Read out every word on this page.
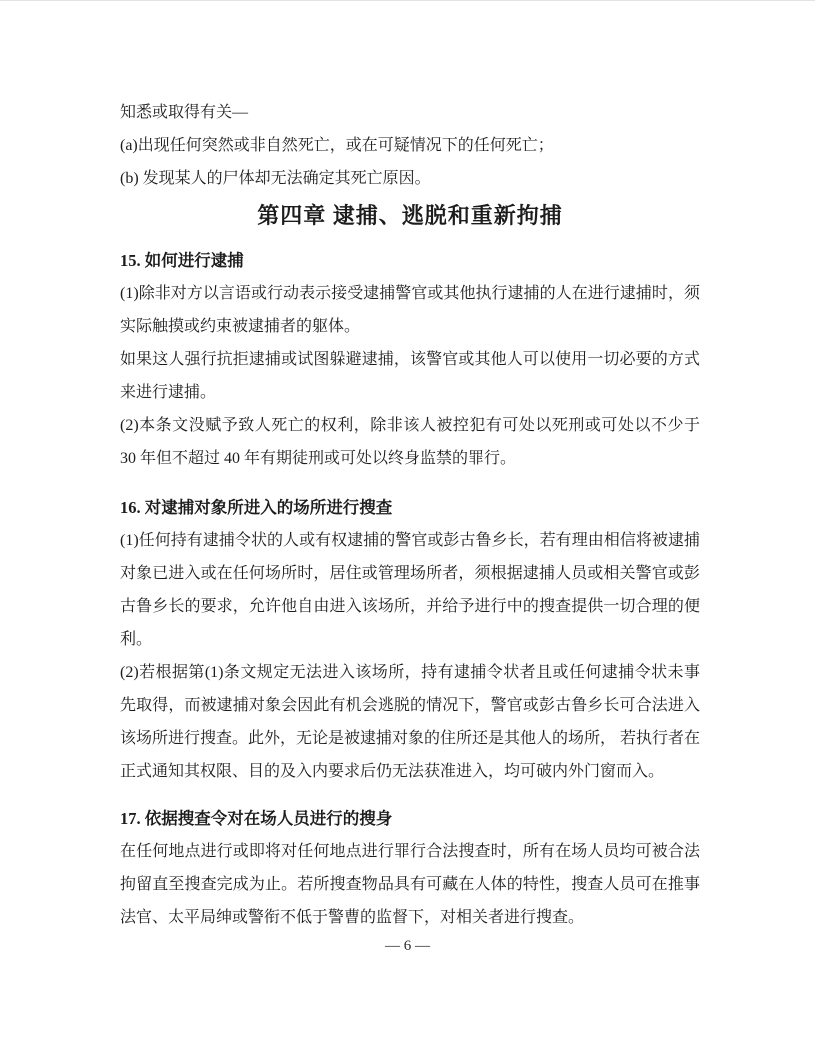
知悉或取得有关—

(a)出现任何突然或非自然死亡，或在可疑情况下的任何死亡；

(b) 发现某人的尸体却无法确定其死亡原因。

第四章 逮捕、逃脱和重新拘捕
15. 如何进行逮捕

(1)除非对方以言语或行动表示接受逮捕警官或其他执行逮捕的人在进行逮捕时，须实际触摸或约束被逮捕者的躯体。

如果这人强行抗拒逮捕或试图躲避逮捕，该警官或其他人可以使用一切必要的方式来进行逮捕。

(2)本条文没赋予致人死亡的权利，除非该人被控犯有可处以死刑或可处以不少于 30 年但不超过 40 年有期徒刑或可处以终身监禁的罪行。

16. 对逮捕对象所进入的场所进行搜查

(1)任何持有逮捕令状的人或有权逮捕的警官或彭古鲁乡长，若有理由相信将被逮捕对象已进入或在任何场所时，居住或管理场所者，须根据逮捕人员或相关警官或彭古鲁乡长的要求，允许他自由进入该场所，并给予进行中的搜查提供一切合理的便利。

(2)若根据第(1)条文规定无法进入该场所，持有逮捕令状者且或任何逮捕令状未事先取得，而被逮捕对象会因此有机会逃脱的情况下，警官或彭古鲁乡长可合法进入该场所进行搜查。此外，无论是被逮捕对象的住所还是其他人的场所， 若执行者在正式通知其权限、目的及入内要求后仍无法获准进入，均可破内外门窗而入。

17. 依据搜查令对在场人员进行的搜身

在任何地点进行或即将对任何地点进行罪行合法搜查时，所有在场人员均可被合法拘留直至搜查完成为止。若所搜查物品具有可藏在人体的特性，搜查人员可在推事法官、太平局绅或警衔不低于警曹的监督下，对相关者进行搜查。

— 6 —
